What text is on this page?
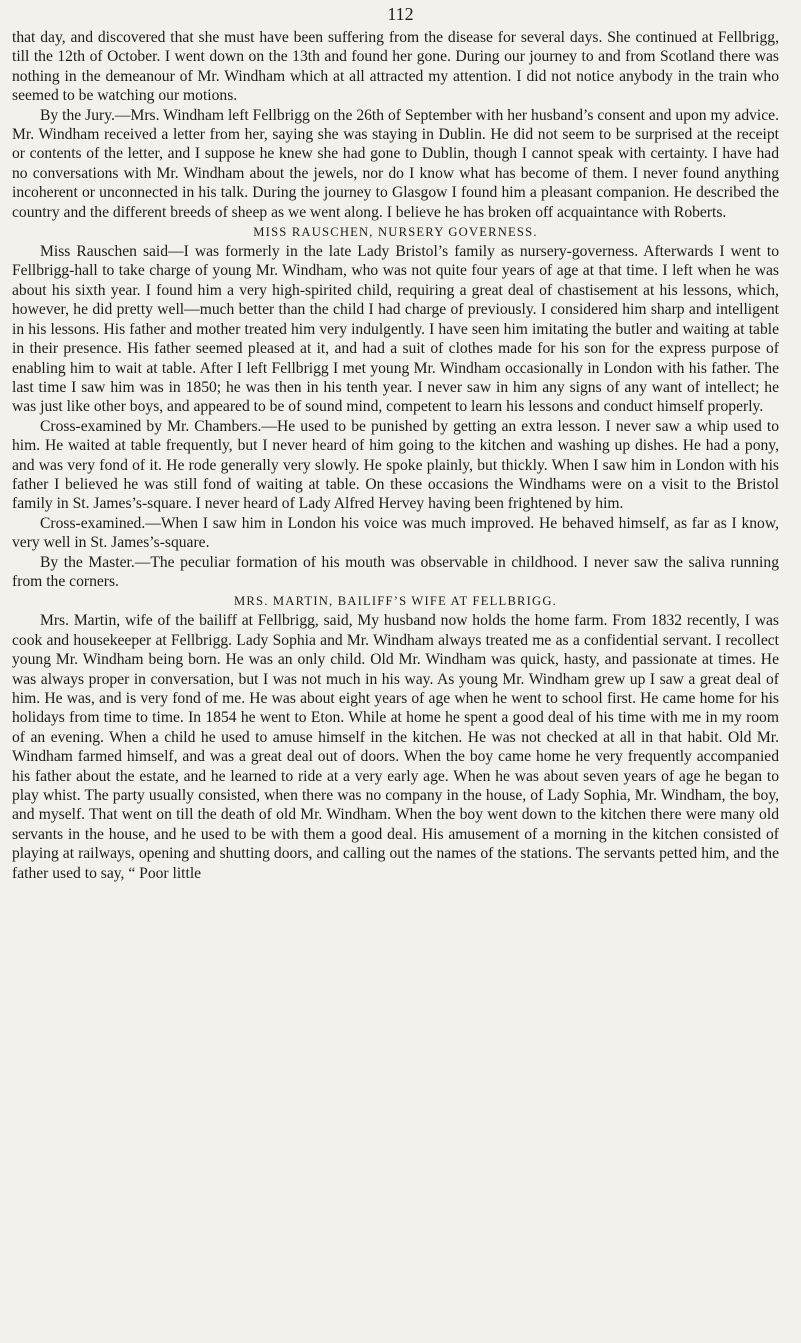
112

that day, and discovered that she must have been suffering from the disease for several days. She continued at Fellbrigg, till the 12th of October. I went down on the 13th and found her gone. During our journey to and from Scotland there was nothing in the demeanour of Mr. Windham which at all attracted my attention. I did not notice anybody in the train who seemed to be watching our motions.

By the Jury.—Mrs. Windham left Fellbrigg on the 26th of September with her husband’s consent and upon my advice. Mr. Windham received a letter from her, saying she was staying in Dublin. He did not seem to be surprised at the receipt or contents of the letter, and I suppose he knew she had gone to Dublin, though I cannot speak with certainty. I have had no conversations with Mr. Windham about the jewels, nor do I know what has become of them. I never found anything incoherent or unconnected in his talk. During the journey to Glasgow I found him a pleasant companion. He described the country and the different breeds of sheep as we went along. I believe he has broken off acquaintance with Roberts.

MISS RAUSCHEN, NURSERY GOVERNESS.

Miss Rauschen said—I was formerly in the late Lady Bristol’s family as nursery-governess. Afterwards I went to Fellbrigg-hall to take charge of young Mr. Windham, who was not quite four years of age at that time. I left when he was about his sixth year. I found him a very high-spirited child, requiring a great deal of chastisement at his lessons, which, however, he did pretty well—much better than the child I had charge of previously. I considered him sharp and intelligent in his lessons. His father and mother treated him very indulgently. I have seen him imitating the butler and waiting at table in their presence. His father seemed pleased at it, and had a suit of clothes made for his son for the express purpose of enabling him to wait at table. After I left Fellbrigg I met young Mr. Windham occasionally in London with his father. The last time I saw him was in 1850; he was then in his tenth year. I never saw in him any signs of any want of intellect; he was just like other boys, and appeared to be of sound mind, competent to learn his lessons and conduct himself properly.

Cross-examined by Mr. Chambers.—He used to be punished by getting an extra lesson. I never saw a whip used to him. He waited at table frequently, but I never heard of him going to the kitchen and washing up dishes. He had a pony, and was very fond of it. He rode generally very slowly. He spoke plainly, but thickly. When I saw him in London with his father I believed he was still fond of waiting at table. On these occasions the Windhams were on a visit to the Bristol family in St. James’s-square. I never heard of Lady Alfred Hervey having been frightened by him.

Cross-examined.—When I saw him in London his voice was much improved. He behaved himself, as far as I know, very well in St. James’s-square.

By the Master.—The peculiar formation of his mouth was observable in childhood. I never saw the saliva running from the corners.

MRS. MARTIN, BAILIFF’S WIFE AT FELLBRIGG.

Mrs. Martin, wife of the bailiff at Fellbrigg, said, My husband now holds the home farm. From 1832 recently, I was cook and housekeeper at Fellbrigg. Lady Sophia and Mr. Windham always treated me as a confidential servant. I recollect young Mr. Windham being born. He was an only child. Old Mr. Windham was quick, hasty, and passionate at times. He was always proper in conversation, but I was not much in his way. As young Mr. Windham grew up I saw a great deal of him. He was, and is very fond of me. He was about eight years of age when he went to school first. He came home for his holidays from time to time. In 1854 he went to Eton. While at home he spent a good deal of his time with me in my room of an evening. When a child he used to amuse himself in the kitchen. He was not checked at all in that habit. Old Mr. Windham farmed himself, and was a great deal out of doors. When the boy came home he very frequently accompanied his father about the estate, and he learned to ride at a very early age. When he was about seven years of age he began to play whist. The party usually consisted, when there was no company in the house, of Lady Sophia, Mr. Windham, the boy, and myself. That went on till the death of old Mr. Windham. When the boy went down to the kitchen there were many old servants in the house, and he used to be with them a good deal. His amusement of a morning in the kitchen consisted of playing at railways, opening and shutting doors, and calling out the names of the stations. The servants petted him, and the father used to say, “ Poor little
